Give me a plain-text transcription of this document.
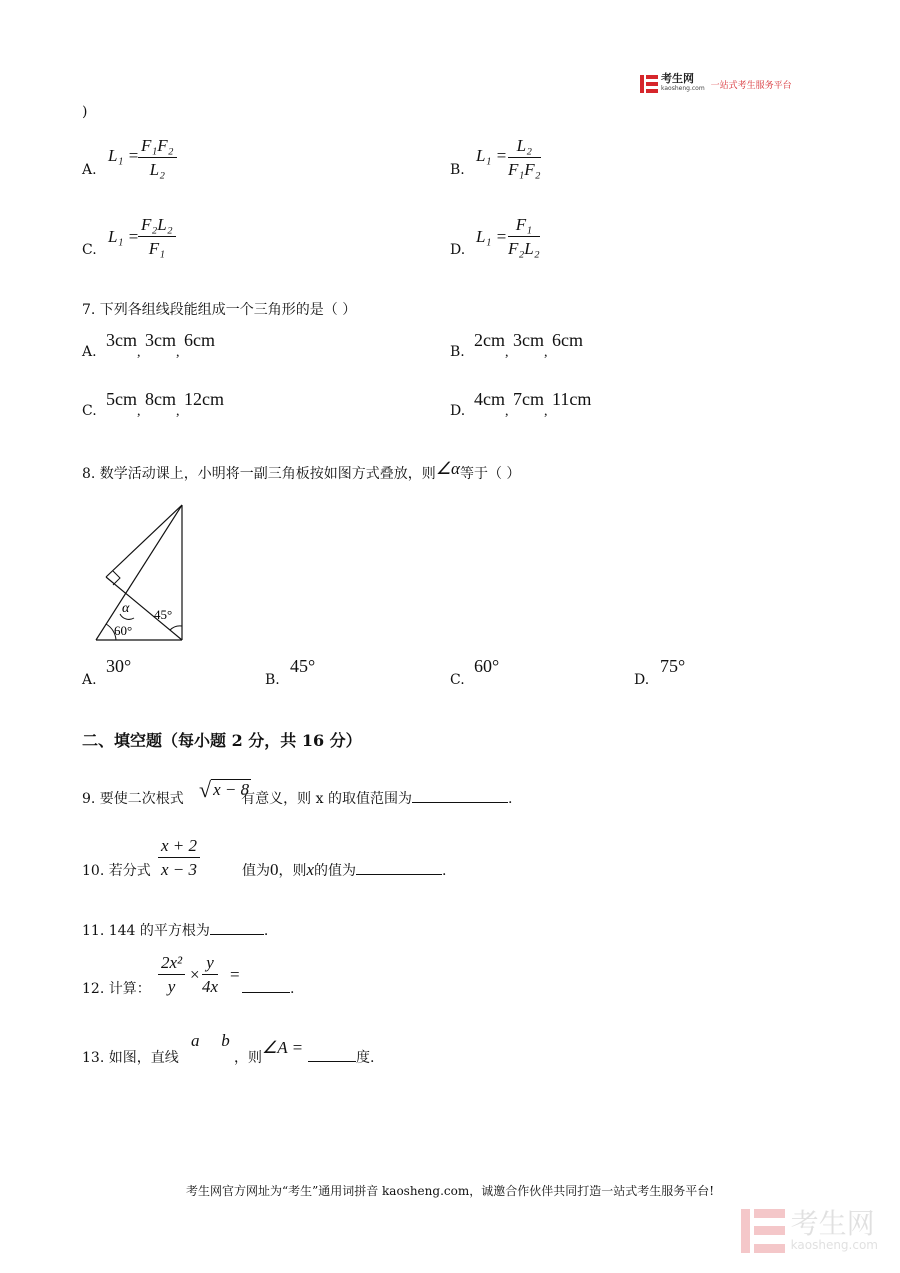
考生网
kaosheng.com 一站式考生服务平台
)
A.
L₁ =
$\frac{\text{F₁F₂}}{\text{L₂}}$	B.
$L_1 = \frac{\text{L₂}}{\text{F₁F₂}}$
C.
L₁ =
$\frac{\text{F₂L₂}}{\text{F₁}}$	D.
$L_1 = \frac{\text{F₁}}{\text{F₂L₂}}$
7. 下列各组线段能组成一个三角形的是（ ）
A.
$3cm_,$ $3cm_,$ 6cm
B.
$2cm_,$ $3cm_,$ 6cm
C.
$5cm_,$ $8cm_,$ 12cm
D.
$4cm_,$ $7cm_,$ 11cm
8. 数学活动课上，小明将一副三角板按如图方式叠放，则∠α等于（ ）
α 45°
60°
A.
30°
B.
45°
C.
60°
D.
75°
二、填空题（每小题 2 分，共 16 分）
9. 要使二次根式	有意义，则 x 的取值范围为	.
√ x − 8
10. 若分式 $\frac{x + 2}{x - 3}$	值为0，则x的值为	.
11. 144 的平方根为	.
12. 计算： $\frac{\text{2x²}}{y} \times \frac{y}{4x}$ =
.
13. 如图，直线
a ⃞ b
，则
∠A =
度.
考生网官方网址为“考生”通用词拼音 kaosheng.com，诚邀合作伙伴共同打造一站式考生服务平台!
考生网
kaosheng.com
